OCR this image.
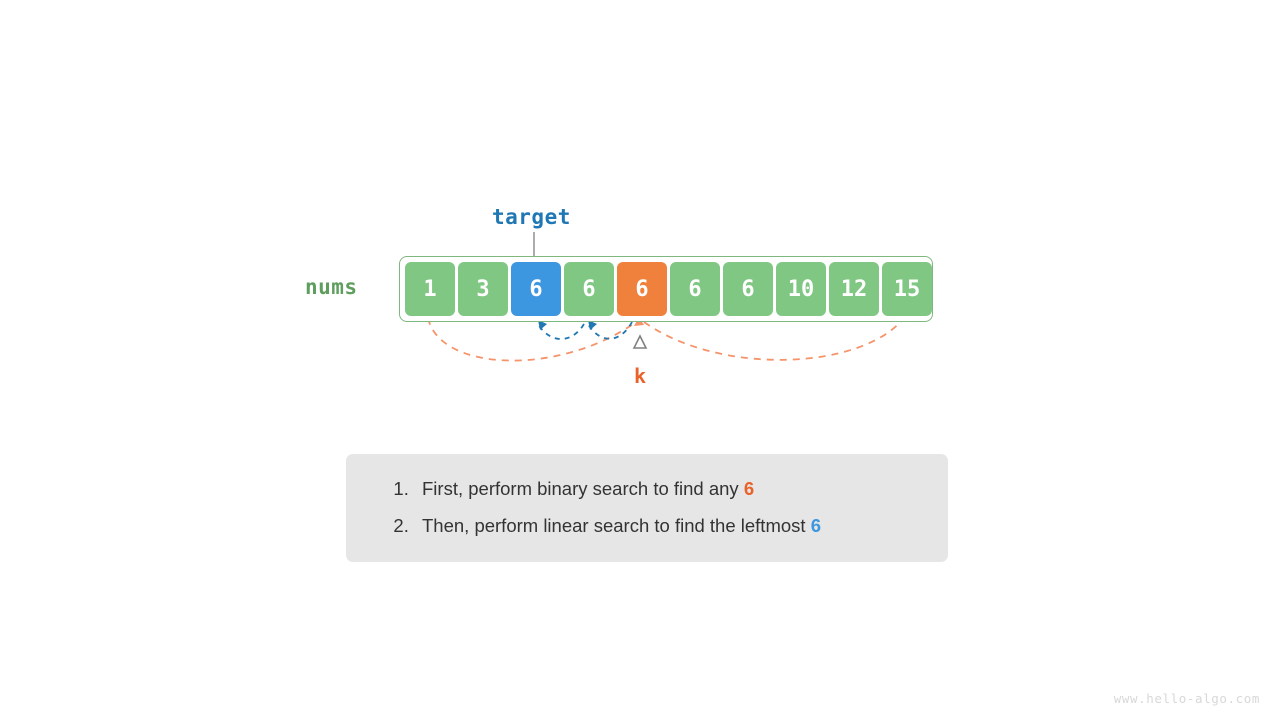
target
nums
k
1	3	6	6	6	6	6	10	12	15
www.hello-algo.com
1. First, perform binary search to find any 6
2. Then, perform linear search to find the leftmost 6
